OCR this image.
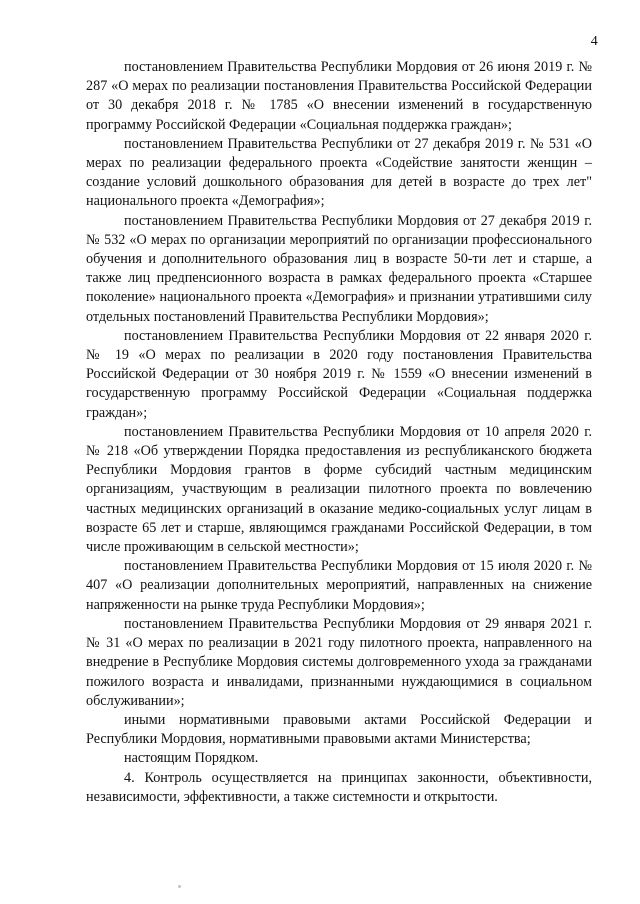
4

постановлением Правительства Республики Мордовия от 26 июня 2019 г. № 287 «О мерах по реализации постановления Правительства Российской Федерации от 30 декабря 2018 г. № 1785 «О внесении изменений в государственную программу Российской Федерации «Социальная поддержка граждан»;

постановлением Правительства Республики от 27 декабря 2019 г. № 531 «О мерах по реализации федерального проекта «Содействие занятости женщин – создание условий дошкольного образования для детей в возрасте до трех лет" национального проекта «Демография»;

постановлением Правительства Республики Мордовия от 27 декабря 2019 г. № 532 «О мерах по организации мероприятий по организации профессионального обучения и дополнительного образования лиц в возрасте 50-ти лет и старше, а также лиц предпенсионного возраста в рамках федерального проекта «Старшее поколение» национального проекта «Демография» и признании утратившими силу отдельных постановлений Правительства Республики Мордовия»;

постановлением Правительства Республики Мордовия от 22 января 2020 г. № 19 «О мерах по реализации в 2020 году постановления Правительства Российской Федерации от 30 ноября 2019 г. № 1559 «О внесении изменений в государственную программу Российской Федерации «Социальная поддержка граждан»;

постановлением Правительства Республики Мордовия от 10 апреля 2020 г. № 218 «Об утверждении Порядка предоставления из республиканского бюджета Республики Мордовия грантов в форме субсидий частным медицинским организациям, участвующим в реализации пилотного проекта по вовлечению частных медицинских организаций в оказание медико-социальных услуг лицам в возрасте 65 лет и старше, являющимся гражданами Российской Федерации, в том числе проживающим в сельской местности»;

постановлением Правительства Республики Мордовия от 15 июля 2020 г. № 407 «О реализации дополнительных мероприятий, направленных на снижение напряженности на рынке труда Республики Мордовия»;

постановлением Правительства Республики Мордовия от 29 января 2021 г. № 31 «О мерах по реализации в 2021 году пилотного проекта, направленного на внедрение в Республике Мордовия системы долговременного ухода за гражданами пожилого возраста и инвалидами, признанными нуждающимися в социальном обслуживании»;

иными нормативными правовыми актами Российской Федерации и Республики Мордовия, нормативными правовыми актами Министерства;

настоящим Порядком.

4. Контроль осуществляется на принципах законности, объективности, независимости, эффективности, а также системности и открытости.
